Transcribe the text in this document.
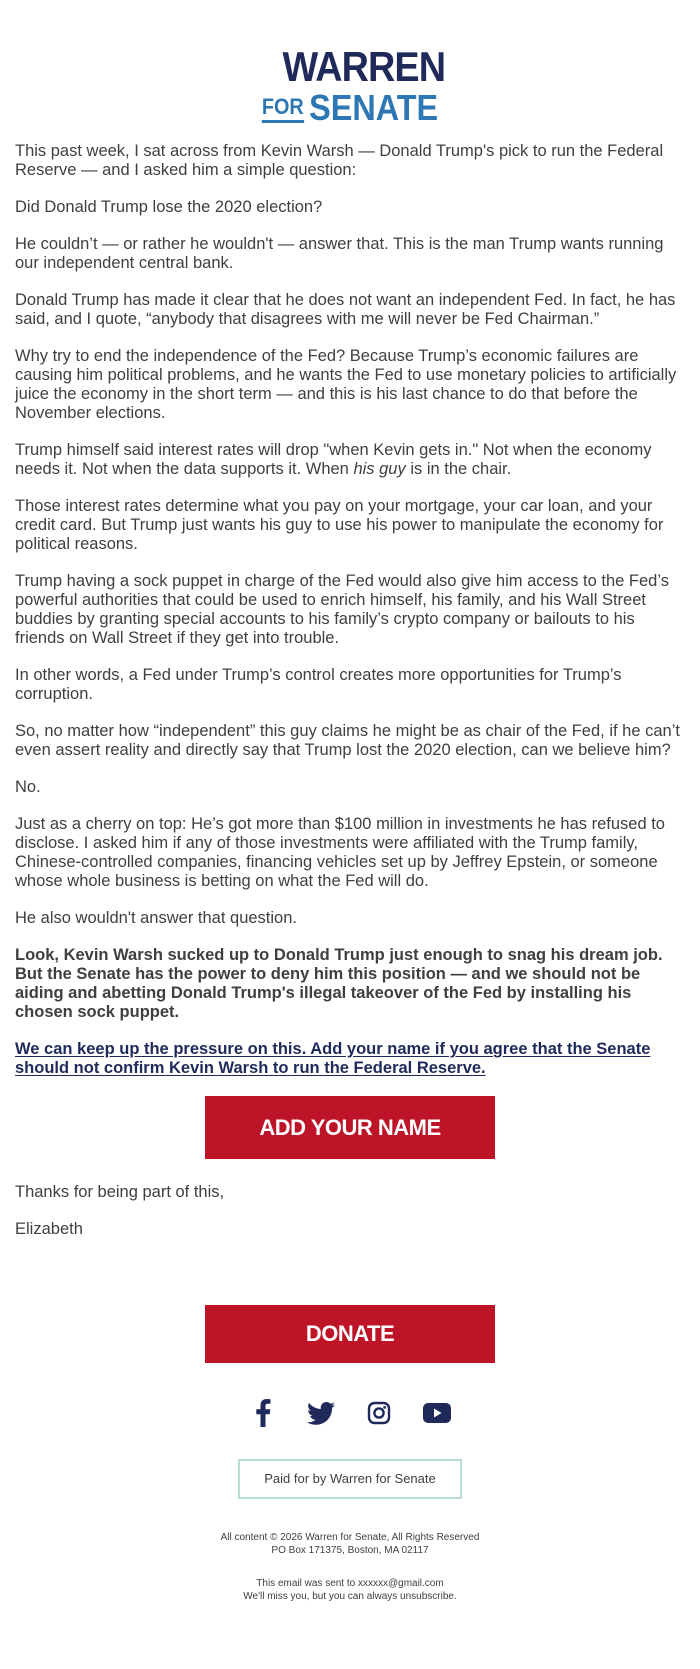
WARREN
FOR SENATE

This past week, I sat across from Kevin Warsh — Donald Trump's pick to run the Federal Reserve — and I asked him a simple question:

Did Donald Trump lose the 2020 election?

He couldn’t — or rather he wouldn't — answer that. This is the man Trump wants running our independent central bank.

Donald Trump has made it clear that he does not want an independent Fed. In fact, he has said, and I quote, “anybody that disagrees with me will never be Fed Chairman.”

Why try to end the independence of the Fed? Because Trump’s economic failures are causing him political problems, and he wants the Fed to use monetary policies to artificially juice the economy in the short term — and this is his last chance to do that before the November elections.

Trump himself said interest rates will drop "when Kevin gets in." Not when the economy needs it. Not when the data supports it. When his guy is in the chair.

Those interest rates determine what you pay on your mortgage, your car loan, and your credit card. But Trump just wants his guy to use his power to manipulate the economy for political reasons.

Trump having a sock puppet in charge of the Fed would also give him access to the Fed’s powerful authorities that could be used to enrich himself, his family, and his Wall Street buddies by granting special accounts to his family’s crypto company or bailouts to his friends on Wall Street if they get into trouble.

In other words, a Fed under Trump’s control creates more opportunities for Trump’s corruption.

So, no matter how “independent” this guy claims he might be as chair of the Fed, if he can’t even assert reality and directly say that Trump lost the 2020 election, can we believe him?

No.

Just as a cherry on top: He’s got more than $100 million in investments he has refused to disclose. I asked him if any of those investments were affiliated with the Trump family, Chinese-controlled companies, financing vehicles set up by Jeffrey Epstein, or someone whose whole business is betting on what the Fed will do.

He also wouldn't answer that question.

Look, Kevin Warsh sucked up to Donald Trump just enough to snag his dream job. But the Senate has the power to deny him this position — and we should not be aiding and abetting Donald Trump's illegal takeover of the Fed by installing his chosen sock puppet.

We can keep up the pressure on this. Add your name if you agree that the Senate should not confirm Kevin Warsh to run the Federal Reserve.

ADD YOUR NAME

Thanks for being part of this,

Elizabeth

DONATE
Paid for by Warren for Senate
All content © 2026 Warren for Senate, All Rights Reserved
PO Box 171375, Boston, MA 02117
This email was sent to xxxxxx@gmail.com
We'll miss you, but you can always unsubscribe.
